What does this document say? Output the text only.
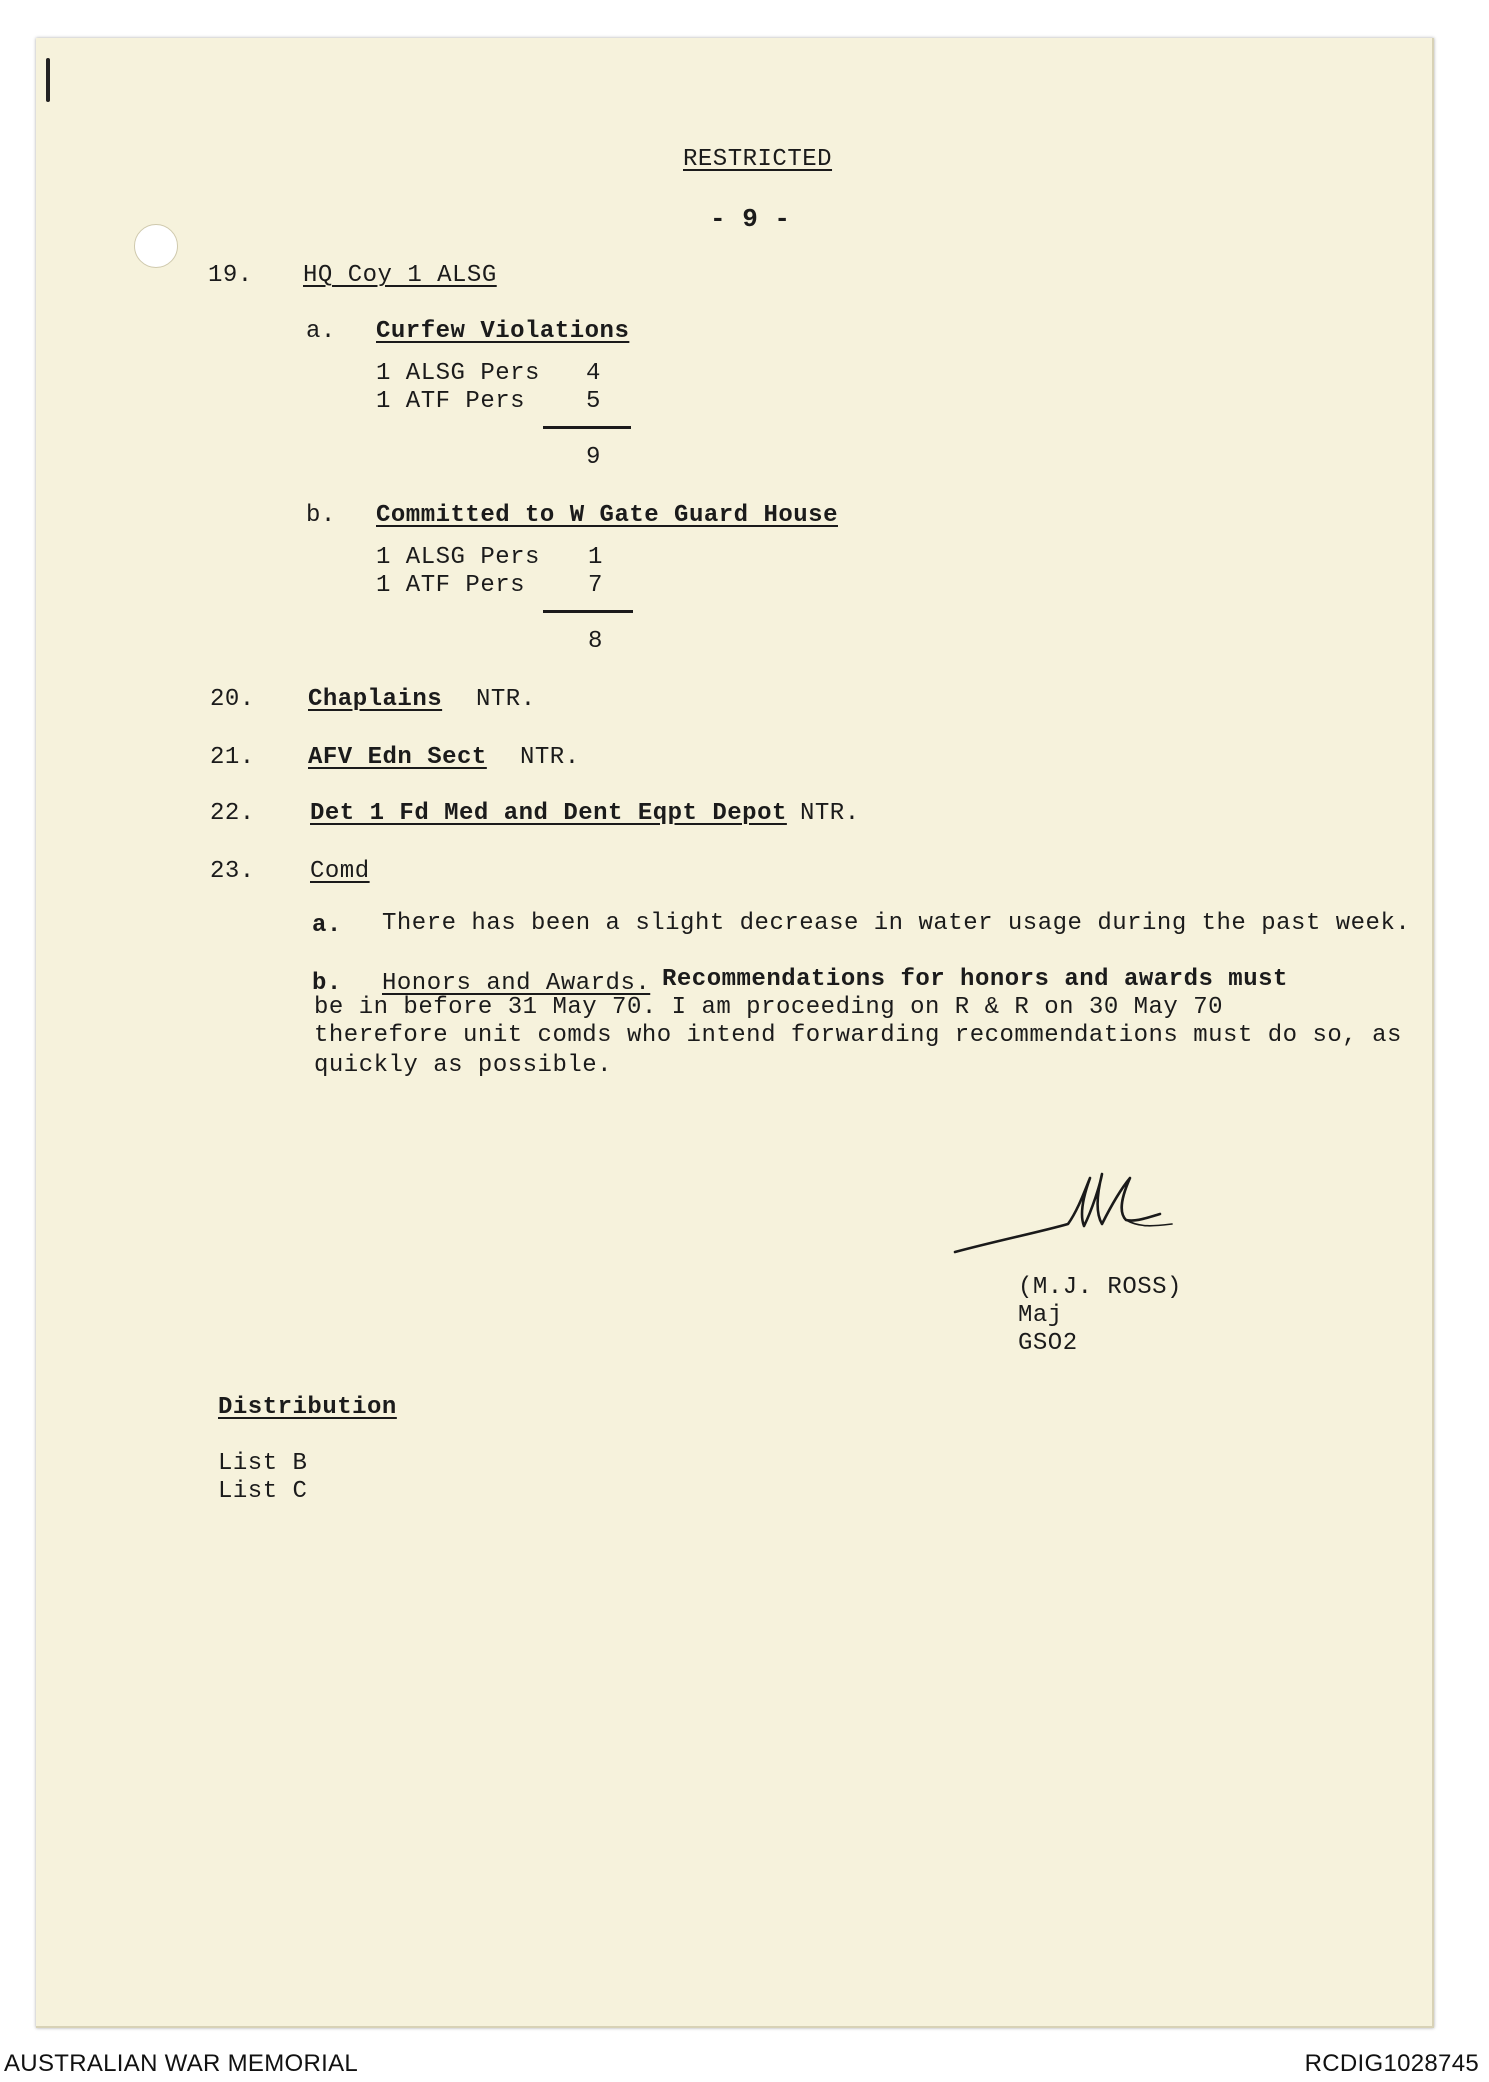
RESTRICTED
- 9 -
19. HQ Coy 1 ALSG
a. Curfew Violations
1 ALSG Pers 4
1 ATF Pers	5
9
b. Committed to W Gate Guard House
1 ALSG Pers 1
1 ATF Pers	7
8
20. Chaplains NTR.
21. AFV Edn Sect NTR.
22. Det 1 Fd Med and Dent Eqpt Depot NTR.
23. Comd
a. There has been a slight decrease in water usage during the past week.
b. Honors and Awards. Recommendations for honors and awards must
be in before 31 May 70. I am proceeding on R & R on 30 May 70
therefore unit comds who intend forwarding recommendations must do so, as
quickly as possible.
(M.J. ROSS)
Maj
GSO2
Distribution
List B
List C
AUSTRALIAN WAR MEMORIAL	RCDIG1028745
